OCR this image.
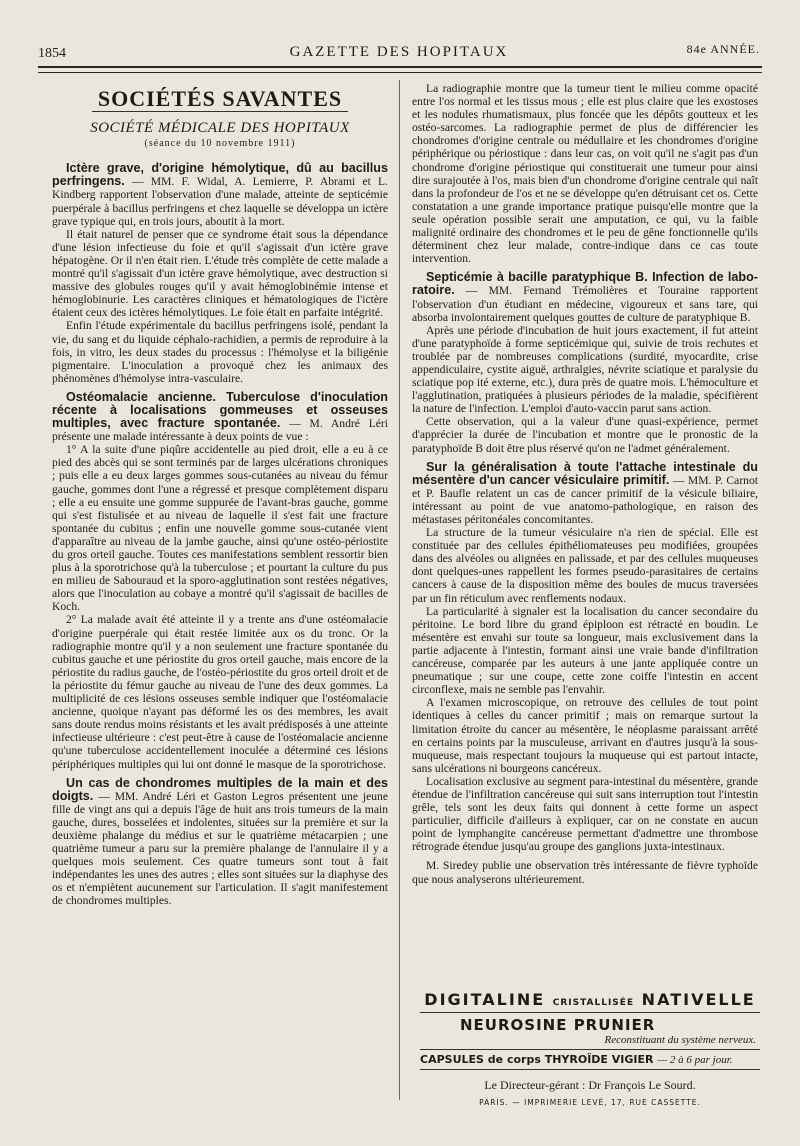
1854	GAZETTE DES HOPITAUX	84e ANNÉE.
SOCIÉTÉS SAVANTES
SOCIÉTÉ MÉDICALE DES HOPITAUX
(séance du 10 novembre 1911)

Ictère grave, d'origine hémolytique, dû au bacillus perfringens. — MM. F. Widal, A. Lemierre, P. Abrami et L. Kindberg rapportent l'observation d'une malade, atteinte de septicémie puerpérale à bacillus perfringens et chez laquelle se développa un ictère grave typique qui, en trois jours, aboutit à la mort.

Il était naturel de penser que ce syndrome était sous la dépendance d'une lésion infectieuse du foie et qu'il s'agissait d'un ictère grave hépatogène. Or il n'en était rien. L'étude très complète de cette malade a montré qu'il s'agissait d'un ictère grave hémolytique, avec destruction si massive des globules rouges qu'il y avait hémoglobinémie intense et hémoglobinurie. Les caractères cliniques et hématologiques de l'ictère étaient ceux des ictères hémolytiques. Le foie était en parfaite intégrité.

Enfin l'étude expérimentale du bacillus perfringens isolé, pendant la vie, du sang et du liquide céphalo-rachidien, a permis de reproduire à la fois, in vitro, les deux stades du processus : l'hémolyse et la biligénie pigmentaire. L'inoculation a provoqué chez les animaux des phénomènes d'hémolyse intra-vasculaire.

Ostéomalacie ancienne. Tuberculose d'inoculation récente à localisations gommeuses et osseuses multiples, avec fracture spontanée. — M. André Léri présente une malade intéressante à deux points de vue :

1° A la suite d'une piqûre accidentelle au pied droit, elle a eu à ce pied des abcès qui se sont terminés par de larges ulcérations chroniques ; puis elle a eu deux larges gommes sous-cutanées au niveau du fémur gauche, gommes dont l'une a régressé et presque complètement disparu ; elle a eu ensuite une gomme suppurée de l'avant-bras gauche, gomme qui s'est fistulisée et au niveau de laquelle il s'est fait une fracture spontanée du cubitus ; enfin une nouvelle gomme sous-cutanée vient d'apparaître au niveau de la jambe gauche, ainsi qu'une ostéo-périostite du gros orteil gauche. Toutes ces manifestations semblent ressortir bien plus à la sporotrichose qu'à la tuberculose ; et pourtant la culture du pus en milieu de Sabouraud et la sporo-agglutination sont restées négatives, alors que l'inoculation au cobaye a montré qu'il s'agissait de bacilles de Koch.

2° La malade avait été atteinte il y a trente ans d'une ostéomalacie d'origine puerpérale qui était restée limitée aux os du tronc. Or la radiographie montre qu'il y a non seulement une fracture spontanée du cubitus gauche et une périostite du gros orteil gauche, mais encore de la périostite du radius gauche, de l'ostéo-périostite du gros orteil droit et de la périostite du fémur gauche au niveau de l'une des deux gommes. La multiplicité de ces lésions osseuses semble indiquer que l'ostéomalacie ancienne, quoique n'ayant pas déformé les os des membres, les avait sans doute rendus moins résistants et les avait prédisposés à une atteinte infectieuse ultérieure : c'est peut-être à cause de l'ostéomalacie ancienne qu'une tuberculose accidentellement inoculée a déterminé ces lésions périphériques multiples qui lui ont donné le masque de la sporotrichose.

Un cas de chondromes multiples de la main et des doigts. — MM. André Léri et Gaston Legros présentent une jeune fille de vingt ans qui a depuis l'âge de huit ans trois tumeurs de la main gauche, dures, bosselées et indolentes, situées sur la première et sur la deuxième phalange du médius et sur le quatrième métacarpien ; une quatrième tumeur a paru sur la première phalange de l'annulaire il y a quelques mois seulement. Ces quatre tumeurs sont tout à fait indépendantes les unes des autres ; elles sont situées sur la diaphyse des os et n'empiètent aucunement sur l'articulation. Il s'agit manifestement de chondromes multiples.

La radiographie montre que la tumeur tient le milieu comme opacité entre l'os normal et les tissus mous ; elle est plus claire que les exostoses et les nodules rhumatismaux, plus foncée que les dépôts goutteux et les ostéo-sarcomes. La radiographie permet de plus de différencier les chondromes d'origine centrale ou médullaire et les chondromes d'origine périphérique ou périostique : dans leur cas, on voit qu'il ne s'agit pas d'un chondrome d'origine périostique qui constituerait une tumeur pour ainsi dire surajoutée à l'os, mais bien d'un chondrome d'origine centrale qui naît dans la profondeur de l'os et ne se développe qu'en détruisant cet os. Cette constatation a une grande importance pratique puisqu'elle montre que la seule opération possible serait une amputation, ce qui, vu la faible malignité ordinaire des chondromes et le peu de gêne fonctionnelle qu'ils déterminent chez leur malade, contre-indique dans ce cas toute intervention.

Septicémie à bacille paratyphique B. Infection de laboratoire. — MM. Fernand Trémolières et Touraine rapportent l'observation d'un étudiant en médecine, vigoureux et sans tare, qui absorba involontairement quelques gouttes de culture de paratyphique B.

Après une période d'incubation de huit jours exactement, il fut atteint d'une paratyphoïde à forme septicémique qui, suivie de trois rechutes et troublée par de nombreuses complications (surdité, myocardite, crise appendiculaire, cystite aiguë, arthralgies, névrite sciatique et paralysie du sciatique pop ité externe, etc.), dura près de quatre mois. L'hémoculture et l'agglutination, pratiquées à plusieurs périodes de la maladie, spécifièrent la nature de l'infection. L'emploi d'auto-vaccin parut sans action.

Cette observation, qui a la valeur d'une quasi-expérience, permet d'apprécier la durée de l'incubation et montre que le pronostic de la paratyphoïde B doit être plus réservé qu'on ne l'admet généralement.

Sur la généralisation à toute l'attache intestinale du mésentère d'un cancer vésiculaire primitif. — MM. P. Carnot et P. Baufle relatent un cas de cancer primitif de la vésicule biliaire, intéressant au point de vue anatomo-pathologique, en raison des métastases péritonéales concomitantes.

La structure de la tumeur vésiculaire n'a rien de spécial. Elle est constituée par des cellules épithéliomateuses peu modifiées, groupées dans des alvéoles ou alignées en palissade, et par des cellules muqueuses dont quelques-unes rappellent les formes pseudo-parasitaires de certains cancers à cause de la disposition même des boules de mucus traversées par un fin réticulum avec renflements nodaux.

La particularité à signaler est la localisation du cancer secondaire du péritoine. Le bord libre du grand épiploon est rétracté en boudin. Le mésentère est envahi sur toute sa longueur, mais exclusivement dans la partie adjacente à l'intestin, formant ainsi une vraie bande d'infiltration cancéreuse, comparée par les auteurs à une jante appliquée contre un pneumatique ; sur une coupe, cette zone coiffe l'intestin en accent circonflexe, mais ne semble pas l'envahir.

A l'examen microscopique, on retrouve des cellules de tout point identiques à celles du cancer primitif ; mais on remarque surtout la limitation étroite du cancer au mésentère, le néoplasme paraissant arrêté en certains points par la musculeuse, arrivant en d'autres jusqu'à la sous-muqueuse, mais respectant toujours la muqueuse qui est partout intacte, sans ulcérations ni bourgeons cancéreux.

Localisation exclusive au segment para-intestinal du mésentère, grande étendue de l'infiltration cancéreuse qui suit sans interruption tout l'intestin grêle, tels sont les deux faits qui donnent à cette forme un aspect particulier, difficile d'ailleurs à expliquer, car on ne constate en aucun point de lymphangite cancéreuse permettant d'admettre une thrombose rétrograde étendue jusqu'au groupe des ganglions juxta-intestinaux.

M. Siredey publie une observation très intéressante de fièvre typhoïde que nous analyserons ultérieurement.

DIGITALINE CRISTALLISÉE NATIVELLE
NEUROSINE PRUNIER
Reconstituant du système nerveux.
CAPSULES de corps THYROÏDE VIGIER — 2 à 6 par jour.
Le Directeur-gérant : Dr François Le Sourd.
PARIS. — IMPRIMERIE LEVÉ, 17, RUE CASSETTE.
